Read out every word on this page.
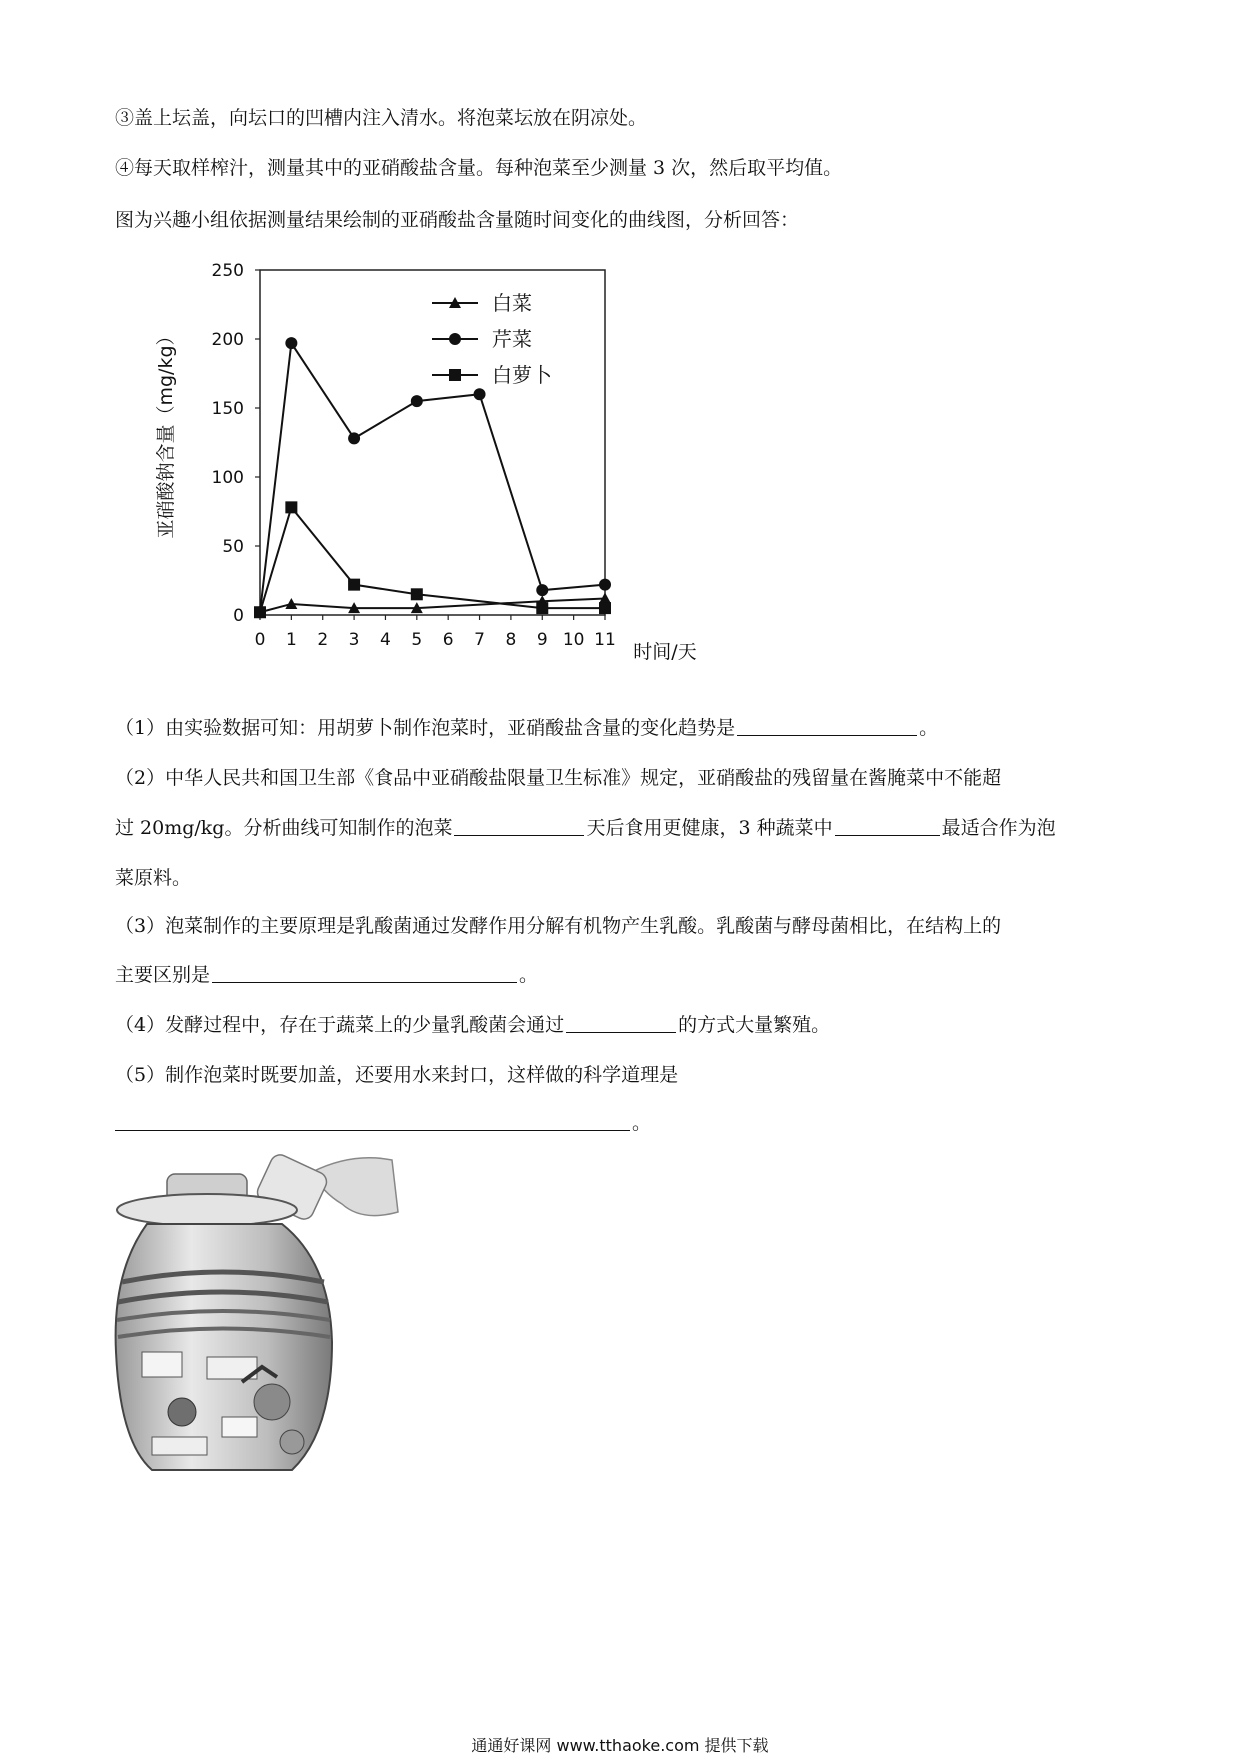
③盖上坛盖，向坛口的凹槽内注入清水。将泡菜坛放在阴凉处。
④每天取样榨汁，测量其中的亚硝酸盐含量。每种泡菜至少测量 3 次，然后取平均值。
图为兴趣小组依据测量结果绘制的亚硝酸盐含量随时间变化的曲线图，分析回答：
0
50
100
150
200
250
0 1 2 3 4 5 6 7 8 9 10 11
时间/天
亚硝酸钠含量（mg/kg）
白菜
芹菜
白萝卜
（1）由实验数据可知：用胡萝卜制作泡菜时，亚硝酸盐含量的变化趋势是	。
（2）中华人民共和国卫生部《食品中亚硝酸盐限量卫生标准》规定，亚硝酸盐的残留量在酱腌菜中不能超
过 20mg/kg。分析曲线可知制作的泡菜	天后食用更健康，3 种蔬菜中	最适合作为泡
菜原料。
（3）泡菜制作的主要原理是乳酸菌通过发酵作用分解有机物产生乳酸。乳酸菌与酵母菌相比，在结构上的
主要区别是	。
（4）发酵过程中，存在于蔬菜上的少量乳酸菌会通过	的方式大量繁殖。
（5）制作泡菜时既要加盖，还要用水来封口，这样做的科学道理是
。
通通好课网 www.tthaoke.com 提供下载
